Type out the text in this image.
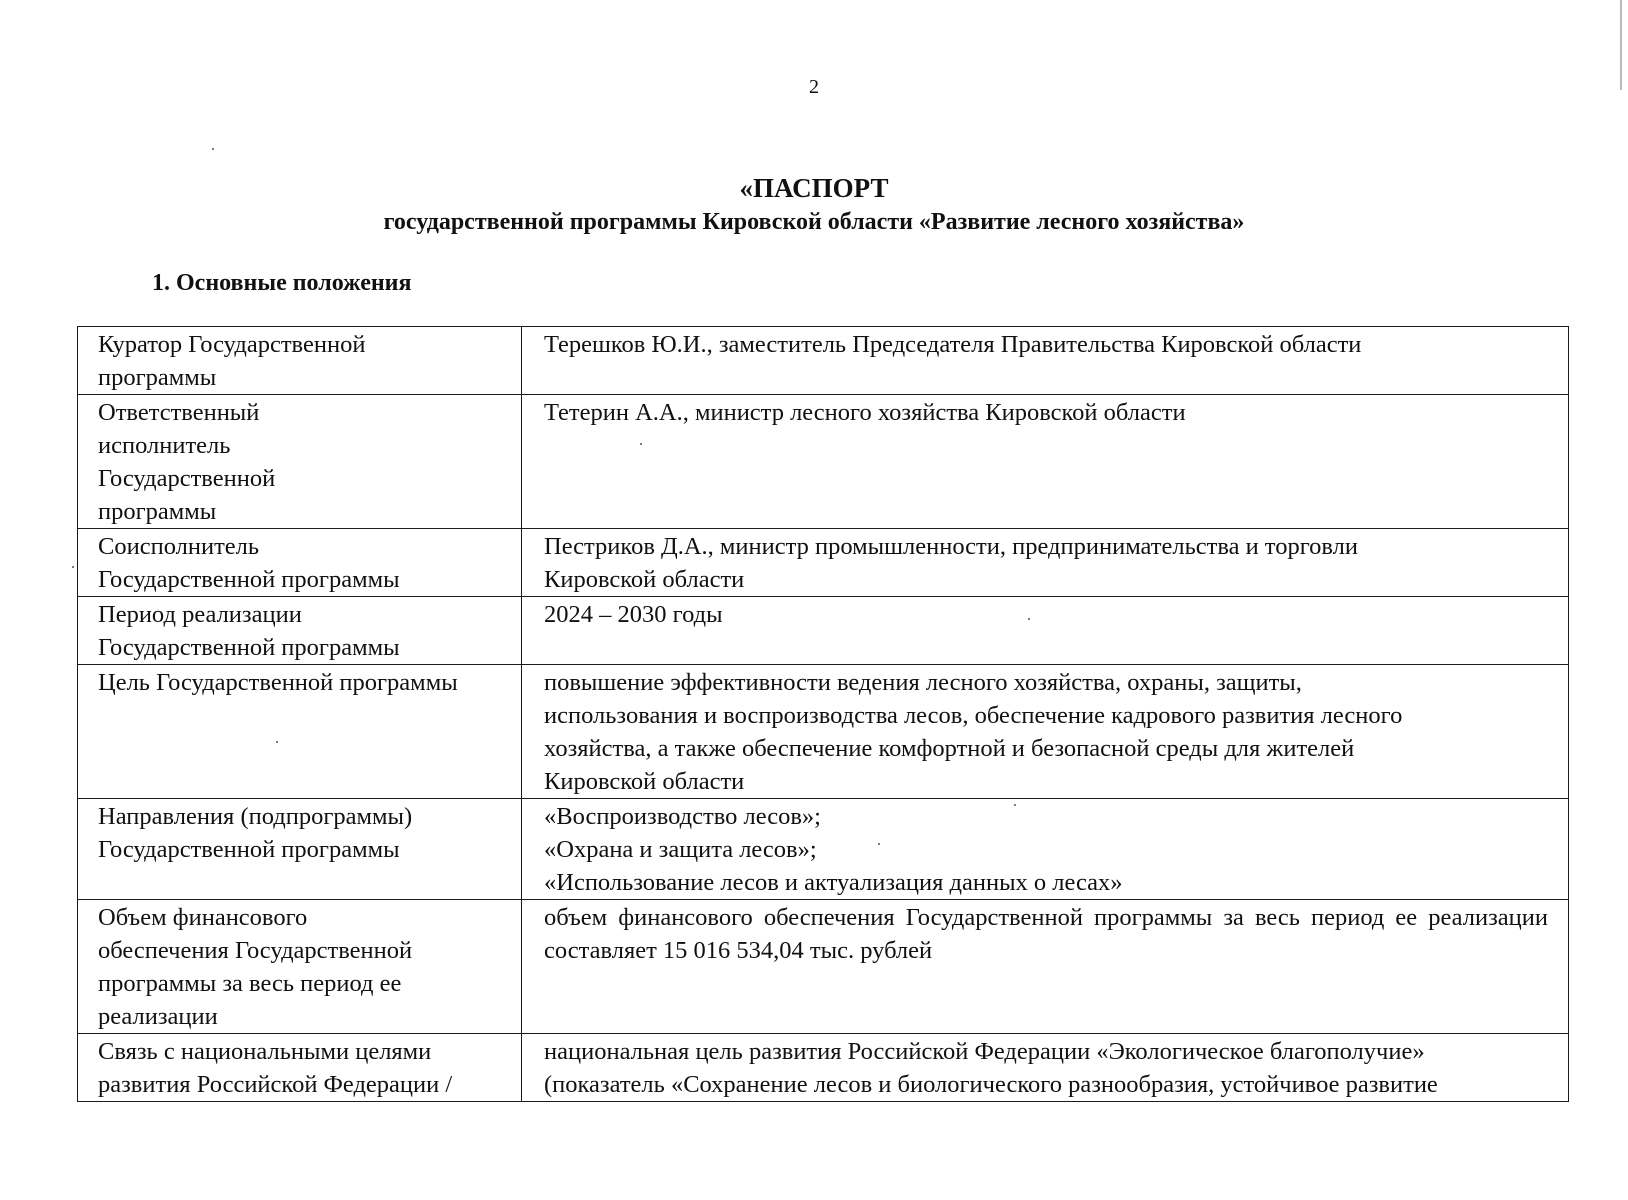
2
«ПАСПОРТ
государственной программы Кировской области «Развитие лесного хозяйства»
1. Основные положения
Куратор Государственной
программы	Терешков Ю.И., заместитель Председателя Правительства Кировской области

Ответственный
исполнитель
Государственной
программы	Тетерин А.А., министр лесного хозяйства Кировской области

Соисполнитель
Государственной программы	Пестриков Д.А., министр промышленности, предпринимательства и торговли
Кировской области

Период реализации
Государственной программы	2024 – 2030 годы

Цель Государственной программы	повышение эффективности ведения лесного хозяйства, охраны, защиты,
использования и воспроизводства лесов, обеспечение кадрового развития лесного
хозяйства, а также обеспечение комфортной и безопасной среды для жителей
Кировской области

Направления (подпрограммы)
Государственной программы	«Воспроизводство лесов»;
«Охрана и защита лесов»;
«Использование лесов и актуализация данных о лесах»

Объем финансового
обеспечения Государственной
программы за весь период ее
реализации	объем финансового обеспечения Государственной программы за весь период ее реализации составляет 15 016 534,04 тыс. рублей

Связь с национальными целями
развития Российской Федерации /	национальная цель развития Российской Федерации «Экологическое благополучие»
(показатель «Сохранение лесов и биологического разнообразия, устойчивое развитие
